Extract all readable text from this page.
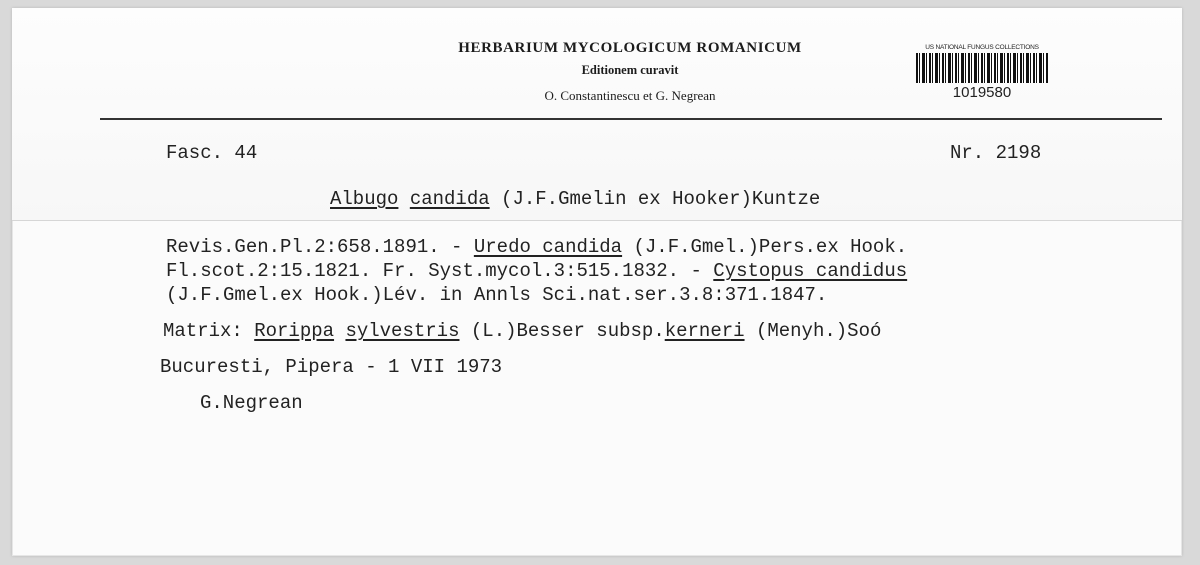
HERBARIUM MYCOLOGICUM ROMANICUM
Editionem curavit
O. Constantinescu et G. Negrean
US NATIONAL FUNGUS COLLECTIONS
1019580
Fasc. 44	Nr. 2198
Albugo candida (J.F.Gmelin ex Hooker)Kuntze
Revis.Gen.Pl.2:658.1891. - Uredo candida (J.F.Gmel.)Pers.ex Hook.
Fl.scot.2:15.1821. Fr. Syst.mycol.3:515.1832. - Cystopus candidus
(J.F.Gmel.ex Hook.)Lév. in Annls Sci.nat.ser.3.8:371.1847.
Matrix: Rorippa sylvestris (L.)Besser subsp.kerneri (Menyh.)Soó
Bucuresti, Pipera - 1 VII 1973
G.Negrean
